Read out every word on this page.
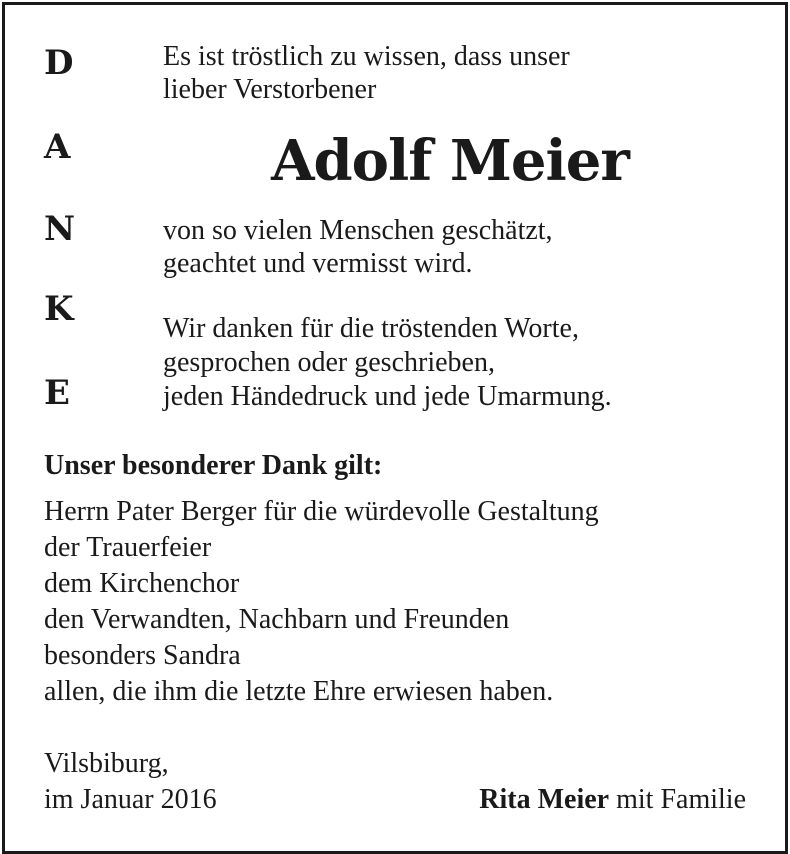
D
A
N
K
E
Es ist tröstlich zu wissen, dass unser
lieber Verstorbener
Adolf Meier
von so vielen Menschen geschätzt,
geachtet und vermisst wird.
Wir danken für die tröstenden Worte,
gesprochen oder geschrieben,
jeden Händedruck und jede Umarmung.
Unser besonderer Dank gilt:
Herrn Pater Berger für die würdevolle Gestaltung
der Trauerfeier
dem Kirchenchor
den Verwandten, Nachbarn und Freunden
besonders Sandra
allen, die ihm die letzte Ehre erwiesen haben.
Vilsbiburg,
im Januar 2016	Rita Meier mit Familie
